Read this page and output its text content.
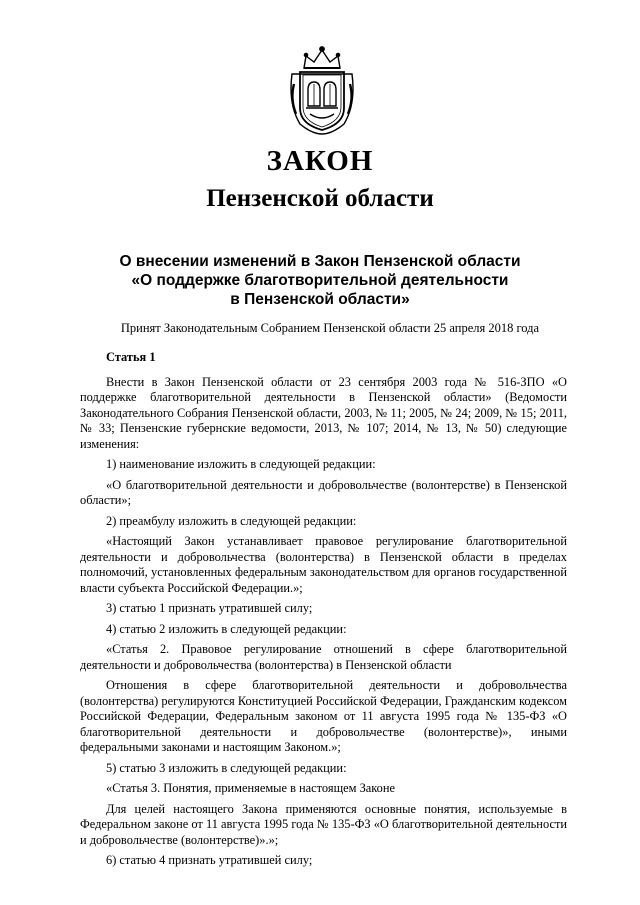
ЗАКОН
Пензенской области
О внесении изменений в Закон Пензенской области
«О поддержке благотворительной деятельности
в Пензенской области»
Принят Законодательным Собранием Пензенской области 25 апреля 2018 года

Статья 1

Внести в Закон Пензенской области от 23 сентября 2003 года № 516-ЗПО «О поддержке благотворительной деятельности в Пензенской области» (Ведомости Законодательного Собрания Пензенской области, 2003, № 11; 2005, № 24; 2009, № 15; 2011, № 33; Пензенские губернские ведомости, 2013, № 107; 2014, № 13, № 50) следующие изменения:

1) наименование изложить в следующей редакции:

«О благотворительной деятельности и добровольчестве (волонтерстве) в Пензенской области»;

2) преамбулу изложить в следующей редакции:

«Настоящий Закон устанавливает правовое регулирование благотворительной деятельности и добровольчества (волонтерства) в Пензенской области в пределах полномочий, установленных федеральным законодательством для органов государственной власти субъекта Российской Федерации.»;

3) статью 1 признать утратившей силу;

4) статью 2 изложить в следующей редакции:

«Статья 2. Правовое регулирование отношений в сфере благотворительной деятельности и добровольчества (волонтерства) в Пензенской области

Отношения в сфере благотворительной деятельности и добровольчества (волонтерства) регулируются Конституцией Российской Федерации, Гражданским кодексом Российской Федерации, Федеральным законом от 11 августа 1995 года № 135-ФЗ «О благотворительной деятельности и добровольчестве (волонтерстве)», иными федеральными законами и настоящим Законом.»;

5) статью 3 изложить в следующей редакции:

«Статья 3. Понятия, применяемые в настоящем Законе

Для целей настоящего Закона применяются основные понятия, используемые в Федеральном законе от 11 августа 1995 года № 135-ФЗ «О благотворительной деятельности и добровольчестве (волонтерстве)».»;

6) статью 4 признать утратившей силу;
